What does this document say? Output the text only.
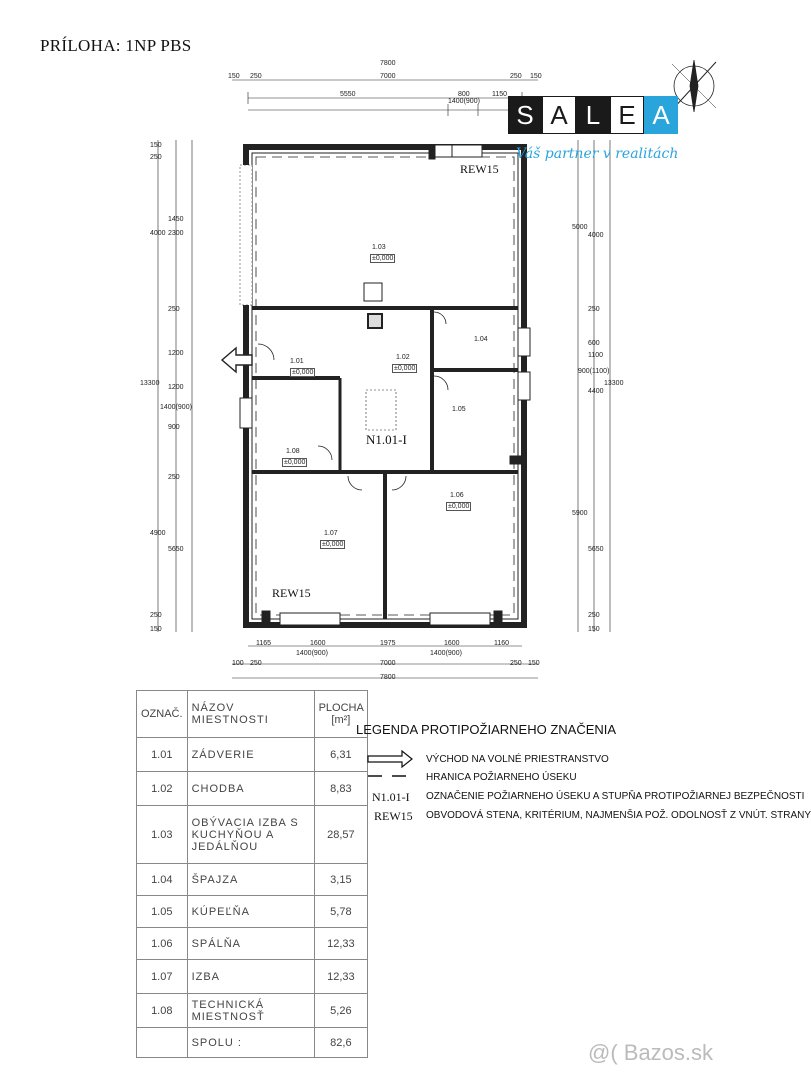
PRÍLOHA: 1NP PBS
7800
150 250	7000	250 150
5550	800	1150
1400(900)
1165	1600	1975	1600	1160
1400(900)	1400(900)
100 250	7000	250 150
7800
150
250
4000
1450
2300
250
1200
1200
1400(900)
900
13300
250
5650
4900
250
150
5000
4000
250
600
1100
900(1100)
4400
13300
5900
5650
250
150
1.03
±0,000
1.02
±0,000
1.01
±0,000
1.04
1.05
1.08
±0,000
1.07
±0,000
1.06
±0,000
N1.01-I
REW15
REW15
S A L E A
Váš partner v realitách
OZNAČ.	NÁZOV MIESTNOSTI	PLOCHA [m²]
1.01	ZÁDVERIE	6,31
1.02	CHODBA	8,83
1.03	OBÝVACIA IZBA S KUCHYŇOU A JEDÁLŇOU	28,57
1.04	ŠPAJZA	3,15
1.05	KÚPEĽŇA	5,78
1.06	SPÁLŇA	12,33
1.07	IZBA	12,33
1.08	TECHNICKÁ MIESTNOSŤ	5,26
	SPOLU :	82,6
LEGENDA PROTIPOŽIARNEHO ZNAČENIA
VÝCHOD NA VOLNÉ PRIESTRANSTVO
HRANICA POŽIARNEHO ÚSEKU
N1.01-I OZNAČENIE POŽIARNEHO ÚSEKU A STUPŇA PROTIPOŽIARNEJ BEZPEČNOSTI
REW15 OBVODOVÁ STENA, KRITÉRIUM, NAJMENŠIA POŽ. ODOLNOSŤ Z VNÚT. STRANY
@( Bazos.sk
